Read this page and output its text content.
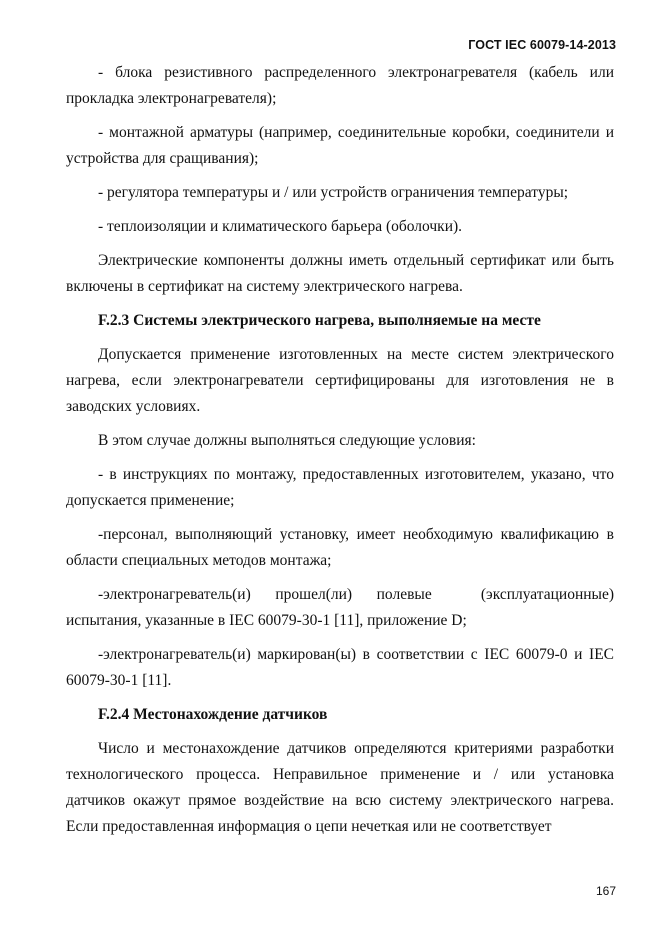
ГОСТ IEC 60079-14-2013

- блока резистивного распределенного электронагревателя (кабель или прокладка электронагревателя);

- монтажной арматуры (например, соединительные коробки, соединители и устройства для сращивания);

- регулятора температуры и / или устройств ограничения температуры;

- теплоизоляции и климатического барьера (оболочки).

Электрические компоненты должны иметь отдельный сертификат или быть включены в сертификат на систему электрического нагрева.

F.2.3 Системы электрического нагрева, выполняемые на месте

Допускается применение изготовленных на месте систем электрического нагрева, если электронагреватели сертифицированы для изготовления не в заводских условиях.

В этом случае должны выполняться следующие условия:

- в инструкциях по монтажу, предоставленных изготовителем, указано, что допускается применение;

-персонал, выполняющий установку, имеет необходимую квалификацию в области специальных методов монтажа;

-электронагреватель(и)     прошел(ли)     полевые          (эксплуатационные)
испытания, указанные в IEC 60079-30-1 [11], приложение D;

-электронагреватель(и) маркирован(ы) в соответствии с IEC 60079-0 и IEC 60079-30-1 [11].

F.2.4 Местонахождение датчиков

Число и местонахождение датчиков определяются критериями разработки технологического процесса. Неправильное применение и / или установка датчиков окажут прямое воздействие на всю систему электрического нагрева. Если предоставленная информация о цепи нечеткая или не соответствует

167
